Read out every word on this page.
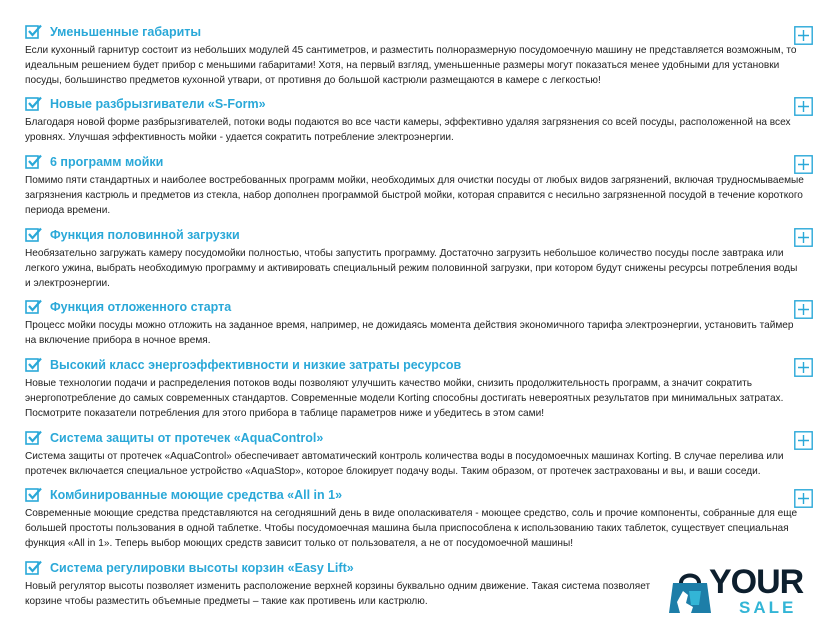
Уменьшенные габариты
Если кухонный гарнитур состоит из небольших модулей 45 сантиметров, и разместить полноразмерную посудомоечную машину не представляется возможным, то идеальным решением будет прибор с меньшими габаритами! Хотя, на первый взгляд, уменьшенные размеры могут показаться менее удобными для установки посуды, большинство предметов кухонной утвари, от противня до большой кастрюли размещаются в камере с легкостью!
Новые разбрызгиватели «S-Form»
Благодаря новой форме разбрызгивателей, потоки воды подаются во все части камеры, эффективно удаляя загрязнения со всей посуды, расположенной на всех уровнях. Улучшая эффективность мойки - удается сократить потребление электроэнергии.
6 программ мойки
Помимо пяти стандартных и наиболее востребованных программ мойки, необходимых для очистки посуды от любых видов загрязнений, включая трудносмываемые загрязнения кастрюль и предметов из стекла, набор дополнен программой быстрой мойки, которая справится с несильно загрязненной посудой в течение короткого периода времени.
Функция половинной загрузки
Необязательно загружать камеру посудомойки полностью, чтобы запустить программу. Достаточно загрузить небольшое количество посуды после завтрака или легкого ужина, выбрать необходимую программу и активировать специальный режим половинной загрузки, при котором будут снижены ресурсы потребления воды и электроэнергии.
Функция отложенного старта
Процесс мойки посуды можно отложить на заданное время, например, не дожидаясь момента действия экономичного тарифа электроэнергии, установить таймер на включение прибора в ночное время.
Высокий класс энергоэффективности и низкие затраты ресурсов
Новые технологии подачи и распределения потоков воды позволяют улучшить качество мойки, снизить продолжительность программ, а значит сократить энергопотребление до самых современных стандартов. Современные модели Korting способны достигать невероятных результатов при минимальных затратах. Посмотрите показатели потребления для этого прибора в таблице параметров ниже и убедитесь в этом сами!
Система защиты от протечек «AquaControl»
Система защиты от протечек «AquaControl» обеспечивает автоматический контроль количества воды в посудомоечных машинах Korting. В случае перелива или протечек включается специальное устройство «AquaStop», которое блокирует подачу воды. Таким образом, от протечек застрахованы и вы, и ваши соседи.
Комбинированные моющие средства «All in 1»
Современные моющие средства представляются на сегодняшний день в виде ополаскивателя - моющее средство, соль и прочие компоненты, собранные для еще большей простоты пользования в одной таблетке. Чтобы посудомоечная машина была приспособлена к использованию таких таблеток, существует специальная функция «All in 1». Теперь выбор моющих средств зависит только от пользователя, а не от посудомоечной машины!
Система регулировки высоты корзин «Easy Lift»
Новый регулятор высоты позволяет изменить расположение верхней корзины буквально одним движение. Такая система позволяет корзине чтобы разместить объемные предметы – такие как противень или кастрюлю.
YOUR
SALE
